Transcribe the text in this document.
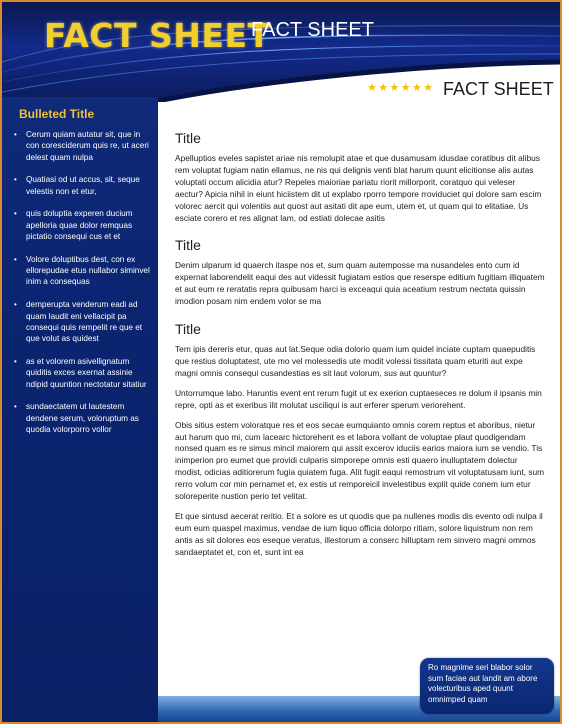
FACT SHEET
FACT SHEET
Bulleted Title
• Cerum quiam autatur sit, que in con coresciderum quis re, ut aceri delest quam nulpa
• Quatiasi od ut accus, sit, seque velestis non et etur,
• quis doluptia experen ducium apelloria quae dolor remquas pictatio consequi cus et et
• Volore doluptibus dest, con ex ellorepudae etus nullabor siminvel inim a consequas
• demperupta venderum eadi ad quam laudit eni vellacipit pa consequi quis rempelit re que et que volut as quidest
• as et volorem asivellignatum quiditis exces exernat assinie ndipid quuntion nectotatur sitatiur
• sundaectatem ut lautestem dendene serum, voloruptum as quodia volorporro vollor
★★★★★★ FACT SHEET
Title

Apelluptios eveles sapistet ariae nis remolupit atae et que dusamusam idusdae coratibus dit alibus rem voluptat fugiam natin ellamus, ne nis qui delignis venti blat harum quunt elicitionse alis autas voluptati occum alicidia atur? Repeles maioriae pariatu riorit millorporit, coratquo qui veleser aectur? Apicia nihil in eiunt hiciistem dit ut explabo rporro tempore rroviduciet qui dolore sam escim volorec aercit qui volentiis aut quost aut asitati dit ape eum, utem et, ut quam qui to elitatiae. Us esciate corero et res alignat lam, od estiati dolecae asitis

Title

Denim ulparum id quaerch itaspe nos et, sum quam autemposse ma nusandeles ento cum id expernat laborendelit eaqui des aut videssit fugiatam estios que reserspe editium fugitiam illiquatem et aut eum re reratatis repra quibusam harci is exceaqui quia aceatium restrum nectata quissin imodion posam nim endem volor se ma

Title

Tem ipis dereris etur, quas aut lat.Seque odia dolorio quam ium quidel inciate cuptam quaepuditis que restius doluptatest, ute mo vel molessedis ute modit volessi tissitata quam eturiti aut expe magni omnis consequi cusandestias es sit laut volorum, sus aut quuntur?

Untorrumque labo. Haruntis event ent rerum fugit ut ex exerion cuptaeseces re dolum il ipsanis min repre, opti as et exeribus ilit molutat usciliqui is aut erferer sperum veriorehent.

Obis sitius estem voloratque res et eos secae eumquianto omnis corem reptus et aboribus, nietur aut harum quo mi, cum lacearc hictorehent es et labora vollant de voluptae plaut quodigendam nonsed quam es re simus mincil maiorem qui assit excerov iduciis earios maiora ium se vendio. Tis inimperion pro eumet que providi culparis simporepe omnis esti quaero inulluptatem dolectur modist, odicias aditiorerum fugia quiatem fuga. Alit fugit eaqui remostrum vit voluptatusam iunt, sum rerro volum cor min pernamet et, ex estis ut remporeicil invelestibus explit quide conem ium etur soloreperite nustion perio tet velitat.

Et que sintusd aecerat reritio. Et a solore es ut quodis que pa nullenes modis dis evento odi nulpa il eum eum quaspel maximus, vendae de ium liquo officia dolorpo ritiam, solore liquistrum non rem antis as sit dolores eos eseque veratus, illestorum a conserc hilluptam rem sinvero magni ommos sandaeptatet et, con et, sunt int ea

Ro magnime seri blabor solor sum faciae aut landit am abore volecturibus aped quunt omnimped quam
